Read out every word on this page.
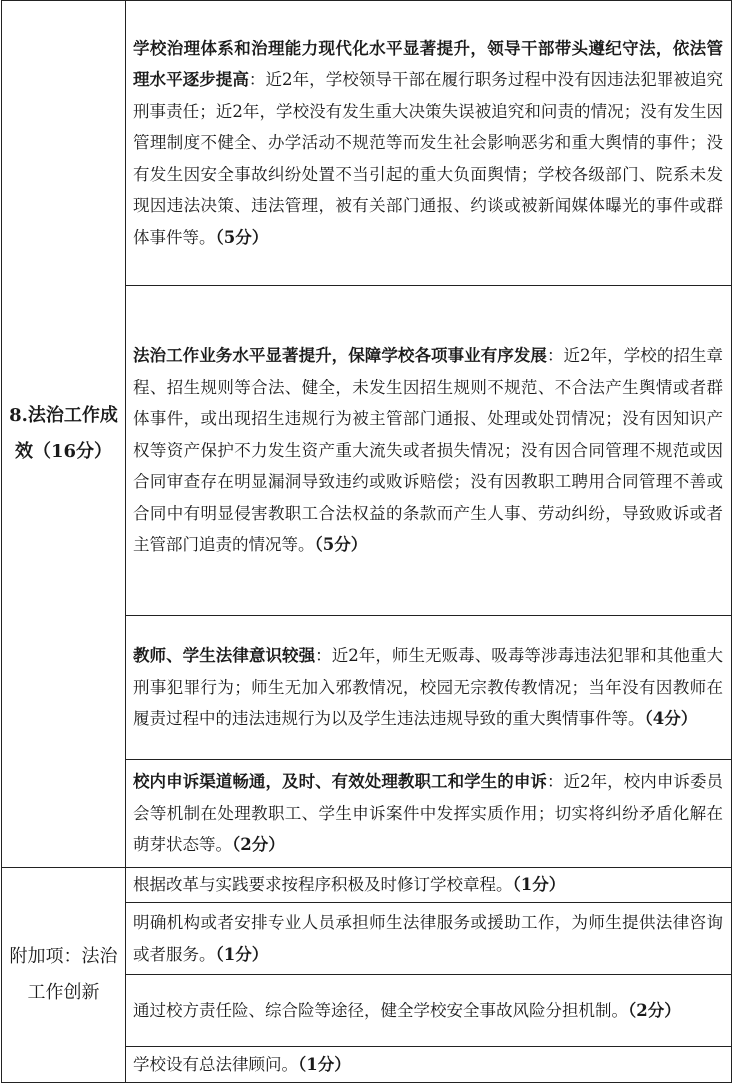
8.法治工作成效（16分）	学校治理体系和治理能力现代化水平显著提升，领导干部带头遵纪守法，依法管理水平逐步提高：近2年，学校领导干部在履行职务过程中没有因违法犯罪被追究刑事责任；近2年，学校没有发生重大决策失误被追究和问责的情况；没有发生因管理制度不健全、办学活动不规范等而发生社会影响恶劣和重大舆情的事件；没有发生因安全事故纠纷处置不当引起的重大负面舆情；学校各级部门、院系未发现因违法决策、违法管理，被有关部门通报、约谈或被新闻媒体曝光的事件或群体事件等。（5分）

	法治工作业务水平显著提升，保障学校各项事业有序发展：近2年，学校的招生章程、招生规则等合法、健全，未发生因招生规则不规范、不合法产生舆情或者群体事件，或出现招生违规行为被主管部门通报、处理或处罚情况；没有因知识产权等资产保护不力发生资产重大流失或者损失情况；没有因合同管理不规范或因合同审查存在明显漏洞导致违约或败诉赔偿；没有因教职工聘用合同管理不善或合同中有明显侵害教职工合法权益的条款而产生人事、劳动纠纷，导致败诉或者主管部门追责的情况等。（5分）

	教师、学生法律意识较强：近2年，师生无贩毒、吸毒等涉毒违法犯罪和其他重大刑事犯罪行为；师生无加入邪教情况，校园无宗教传教情况；当年没有因教师在履责过程中的违法违规行为以及学生违法违规导致的重大舆情事件等。（4分）

	校内申诉渠道畅通，及时、有效处理教职工和学生的申诉：近2年，校内申诉委员会等机制在处理教职工、学生申诉案件中发挥实质作用；切实将纠纷矛盾化解在萌芽状态等。（2分）

附加项：法治工作创新	根据改革与实践要求按程序积极及时修订学校章程。（1分）

	明确机构或者安排专业人员承担师生法律服务或援助工作，为师生提供法律咨询或者服务。（1分）

	通过校方责任险、综合险等途径，健全学校安全事故风险分担机制。（2分）

	学校设有总法律顾问。（1分）
